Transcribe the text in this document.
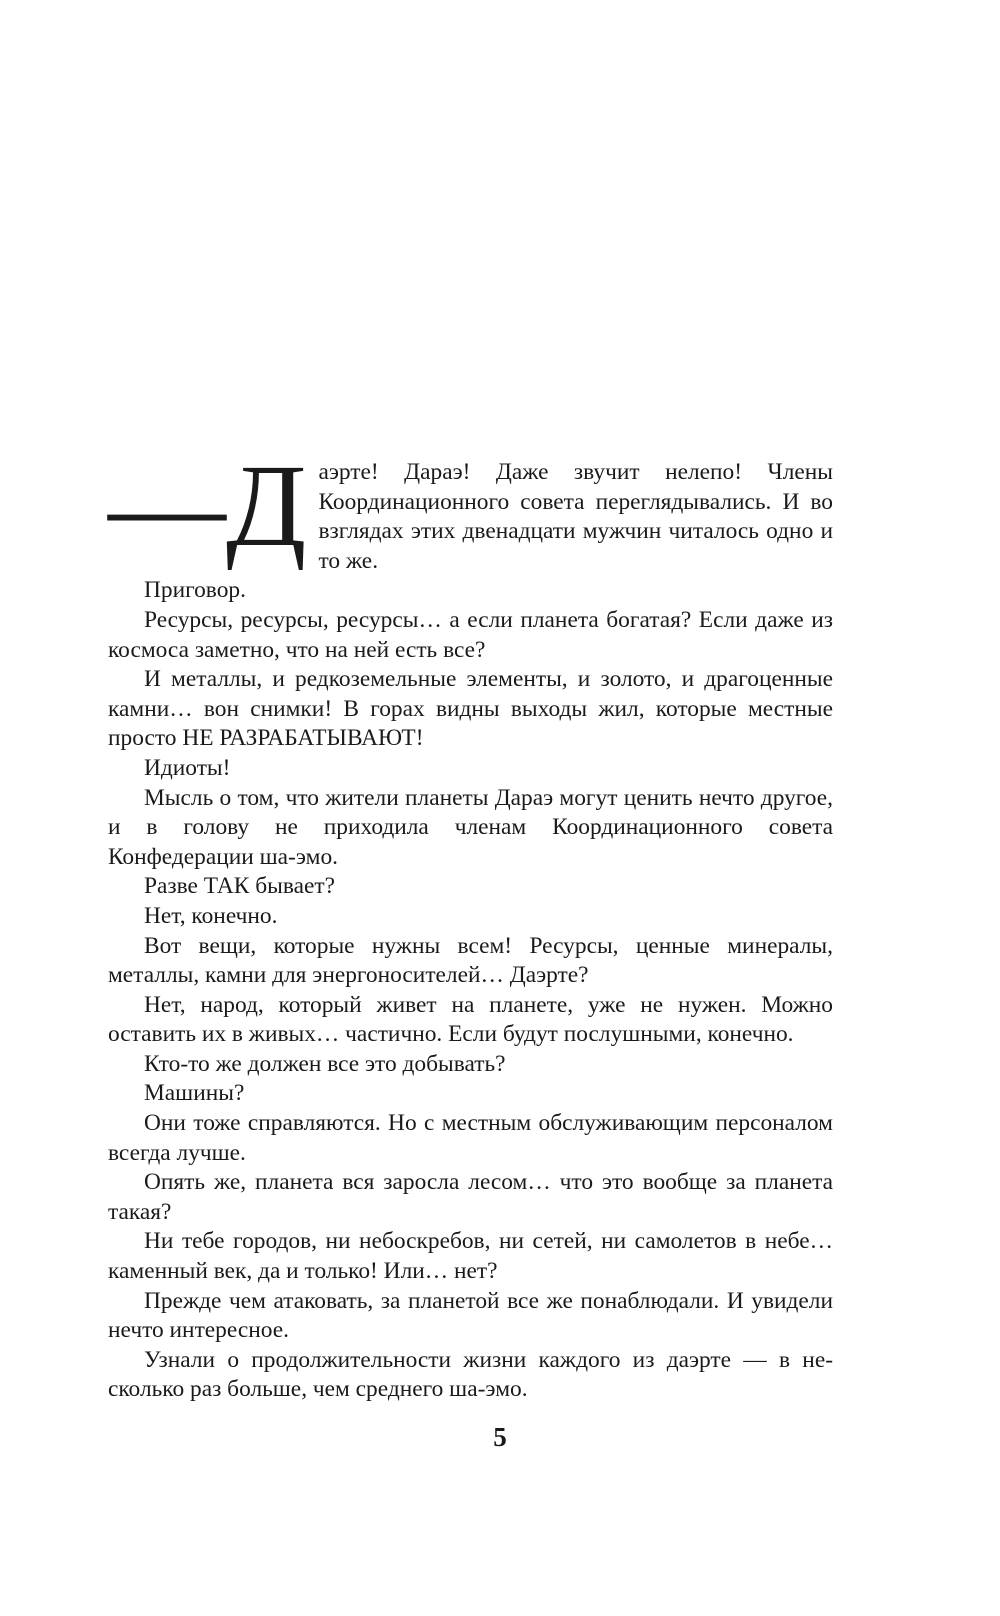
—Д аэрте! Дараэ! Даже звучит нелепо! Члены Координационного совета переглядывались. И во взглядах этих двенадцати мужчин читалось одно и то же.

Приговор.

Ресурсы, ресурсы, ресурсы… а если планета богатая? Если даже из космоса заметно, что на ней есть все?

И металлы, и редкоземельные элементы, и золото, и драгоценные камни… вон снимки! В горах видны выходы жил, которые местные просто НЕ РАЗРАБАТЫВАЮТ!

Идиоты!

Мысль о том, что жители планеты Дараэ могут ценить нечто другое, и в голову не приходила членам Координационного совета Конфедерации ша-эмо.

Разве ТАК бывает?

Нет, конечно.

Вот вещи, которые нужны всем! Ресурсы, ценные минералы, металлы, камни для энергоносителей… Даэрте?

Нет, народ, который живет на планете, уже не нужен. Можно оставить их в живых… частично. Если будут послушными, конечно.

Кто-то же должен все это добывать?

Машины?

Они тоже справляются. Но с местным обслуживающим персоналом всегда лучше.

Опять же, планета вся заросла лесом… что это вообще за планета такая?

Ни тебе городов, ни небоскребов, ни сетей, ни самолетов в небе… каменный век, да и только! Или… нет?

Прежде чем атаковать, за планетой все же понаблюдали. И увидели нечто интересное.

Узнали о продолжительности жизни каждого из даэрте — в несколько раз больше, чем среднего ша-эмо.

5
